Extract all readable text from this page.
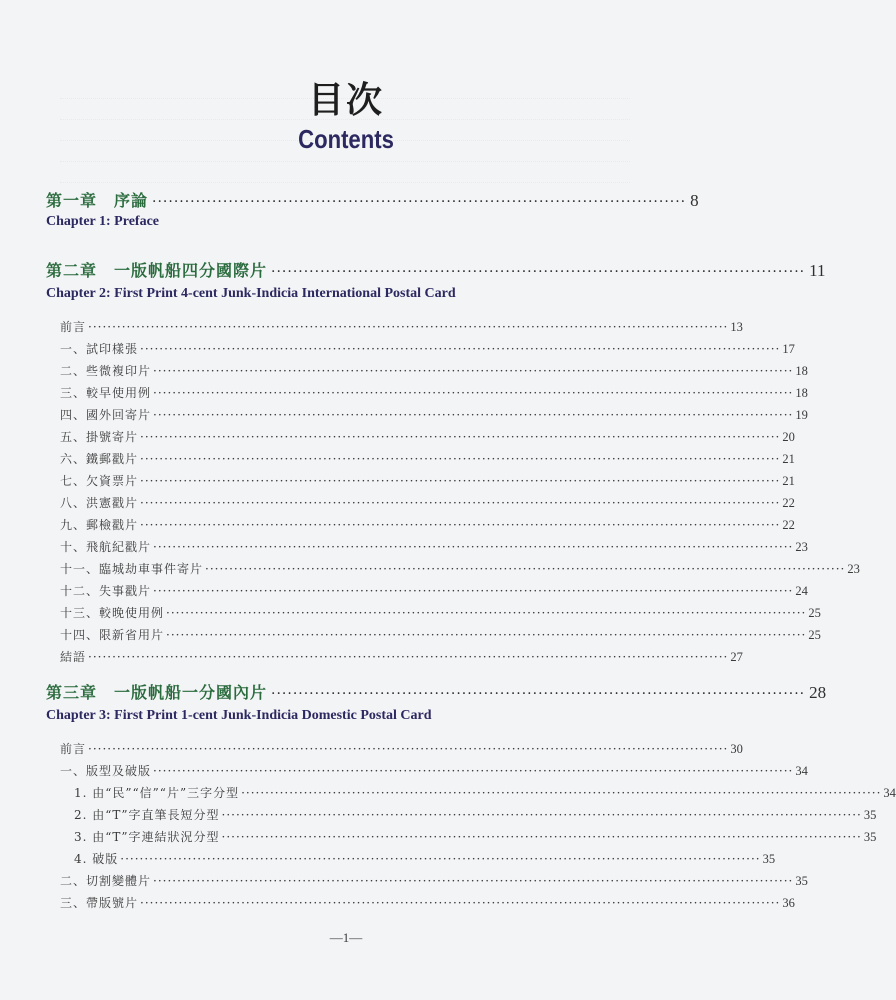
目次
Contents
第一章　序論 ·································································································· 8
Chapter 1: Preface
第二章　一版帆船四分國際片 ·································································································· 11
Chapter 2: First Print 4-cent Junk-Indicia International Postal Card
前言 ····································································································································· 13
一、試印樣張 ····································································································································· 17
二、些微複印片 ····································································································································· 18
三、較早使用例 ····································································································································· 18
四、國外回寄片 ····································································································································· 19
五、掛號寄片 ····································································································································· 20
六、鐵郵戳片 ····································································································································· 21
七、欠資票片 ····································································································································· 21
八、洪憲戳片 ····································································································································· 22
九、郵檢戳片 ····································································································································· 22
十、飛航紀戳片 ····································································································································· 23
十一、臨城劫車事件寄片 ····································································································································· 23
十二、失事戳片 ····································································································································· 24
十三、較晚使用例 ····································································································································· 25
十四、限新省用片 ····································································································································· 25
結語 ····································································································································· 27
第三章　一版帆船一分國內片 ·································································································· 28
Chapter 3: First Print 1-cent Junk-Indicia Domestic Postal Card
前言 ····································································································································· 30
一、版型及破版 ····································································································································· 34
1. 由“民”“信”“片”三字分型 ····································································································································· 34
2. 由“T”字直筆長短分型 ····································································································································· 35
3. 由“T”字連結狀況分型 ····································································································································· 35
4. 破版 ····································································································································· 35
二、切割變體片 ····································································································································· 35
三、帶版號片 ····································································································································· 36
—1—
